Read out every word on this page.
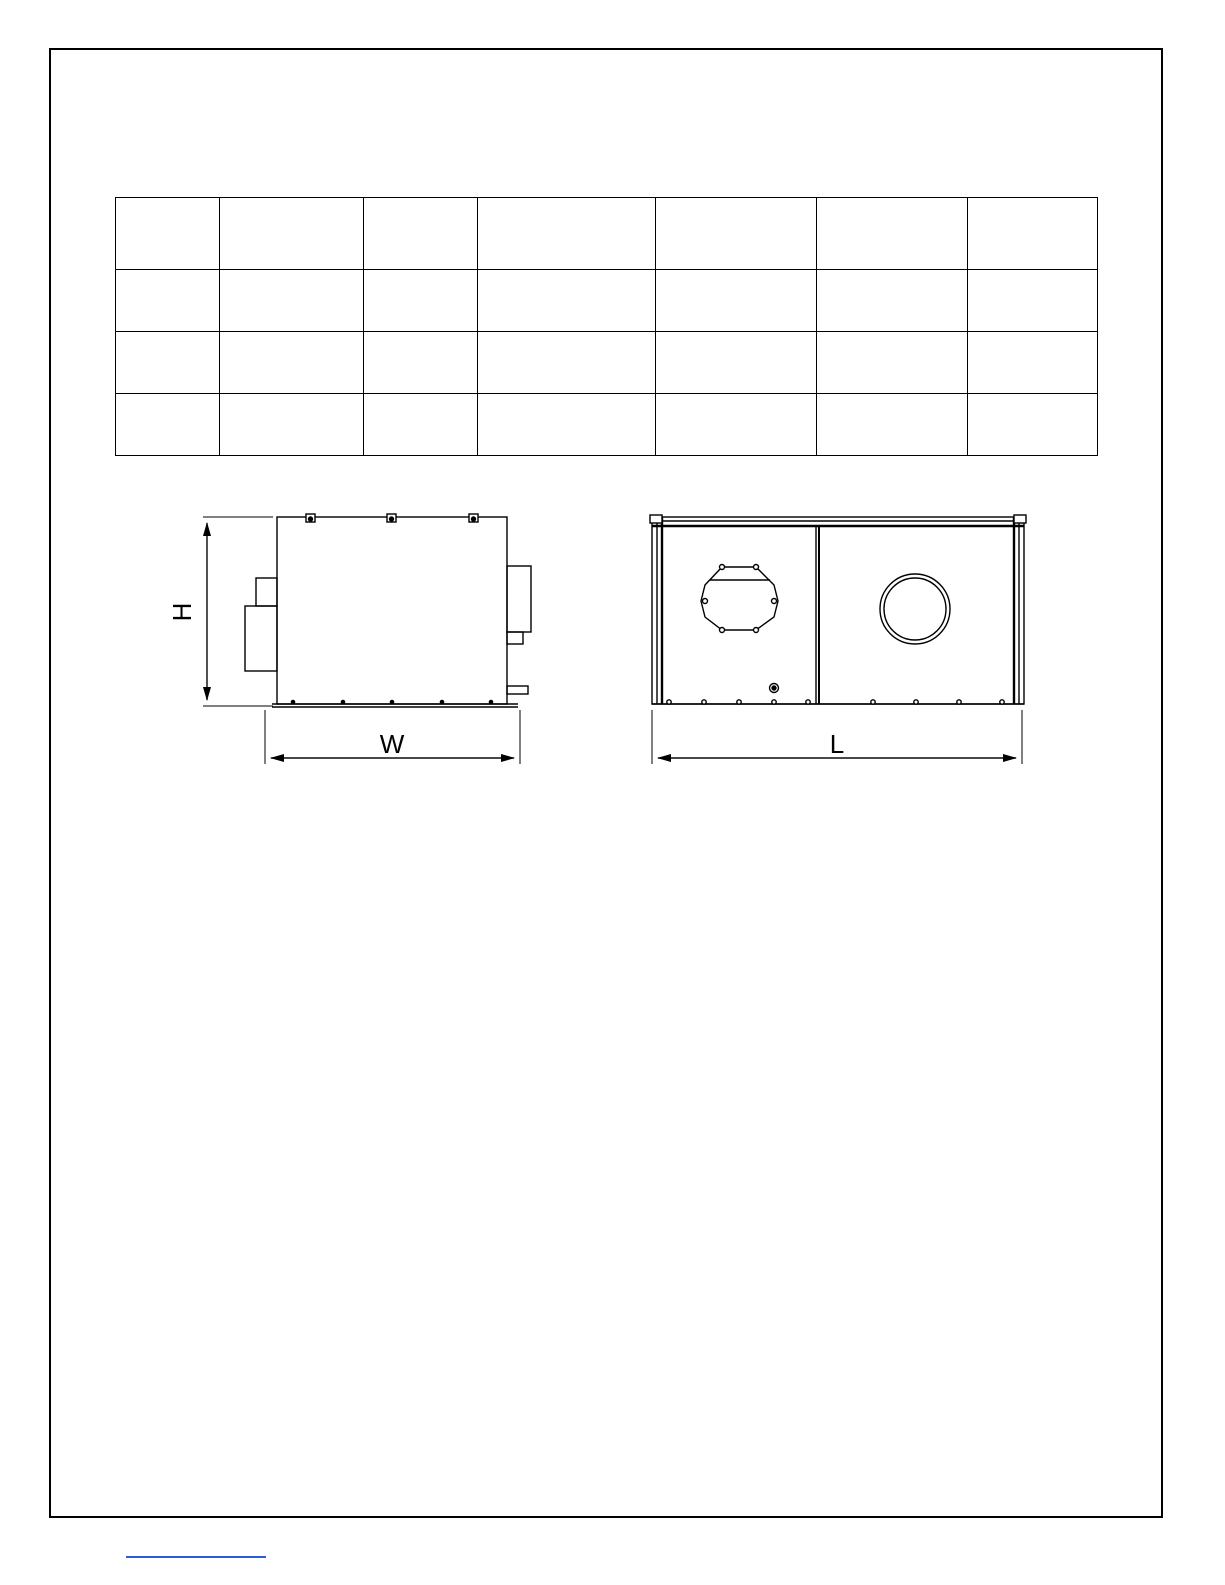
H
W	L
